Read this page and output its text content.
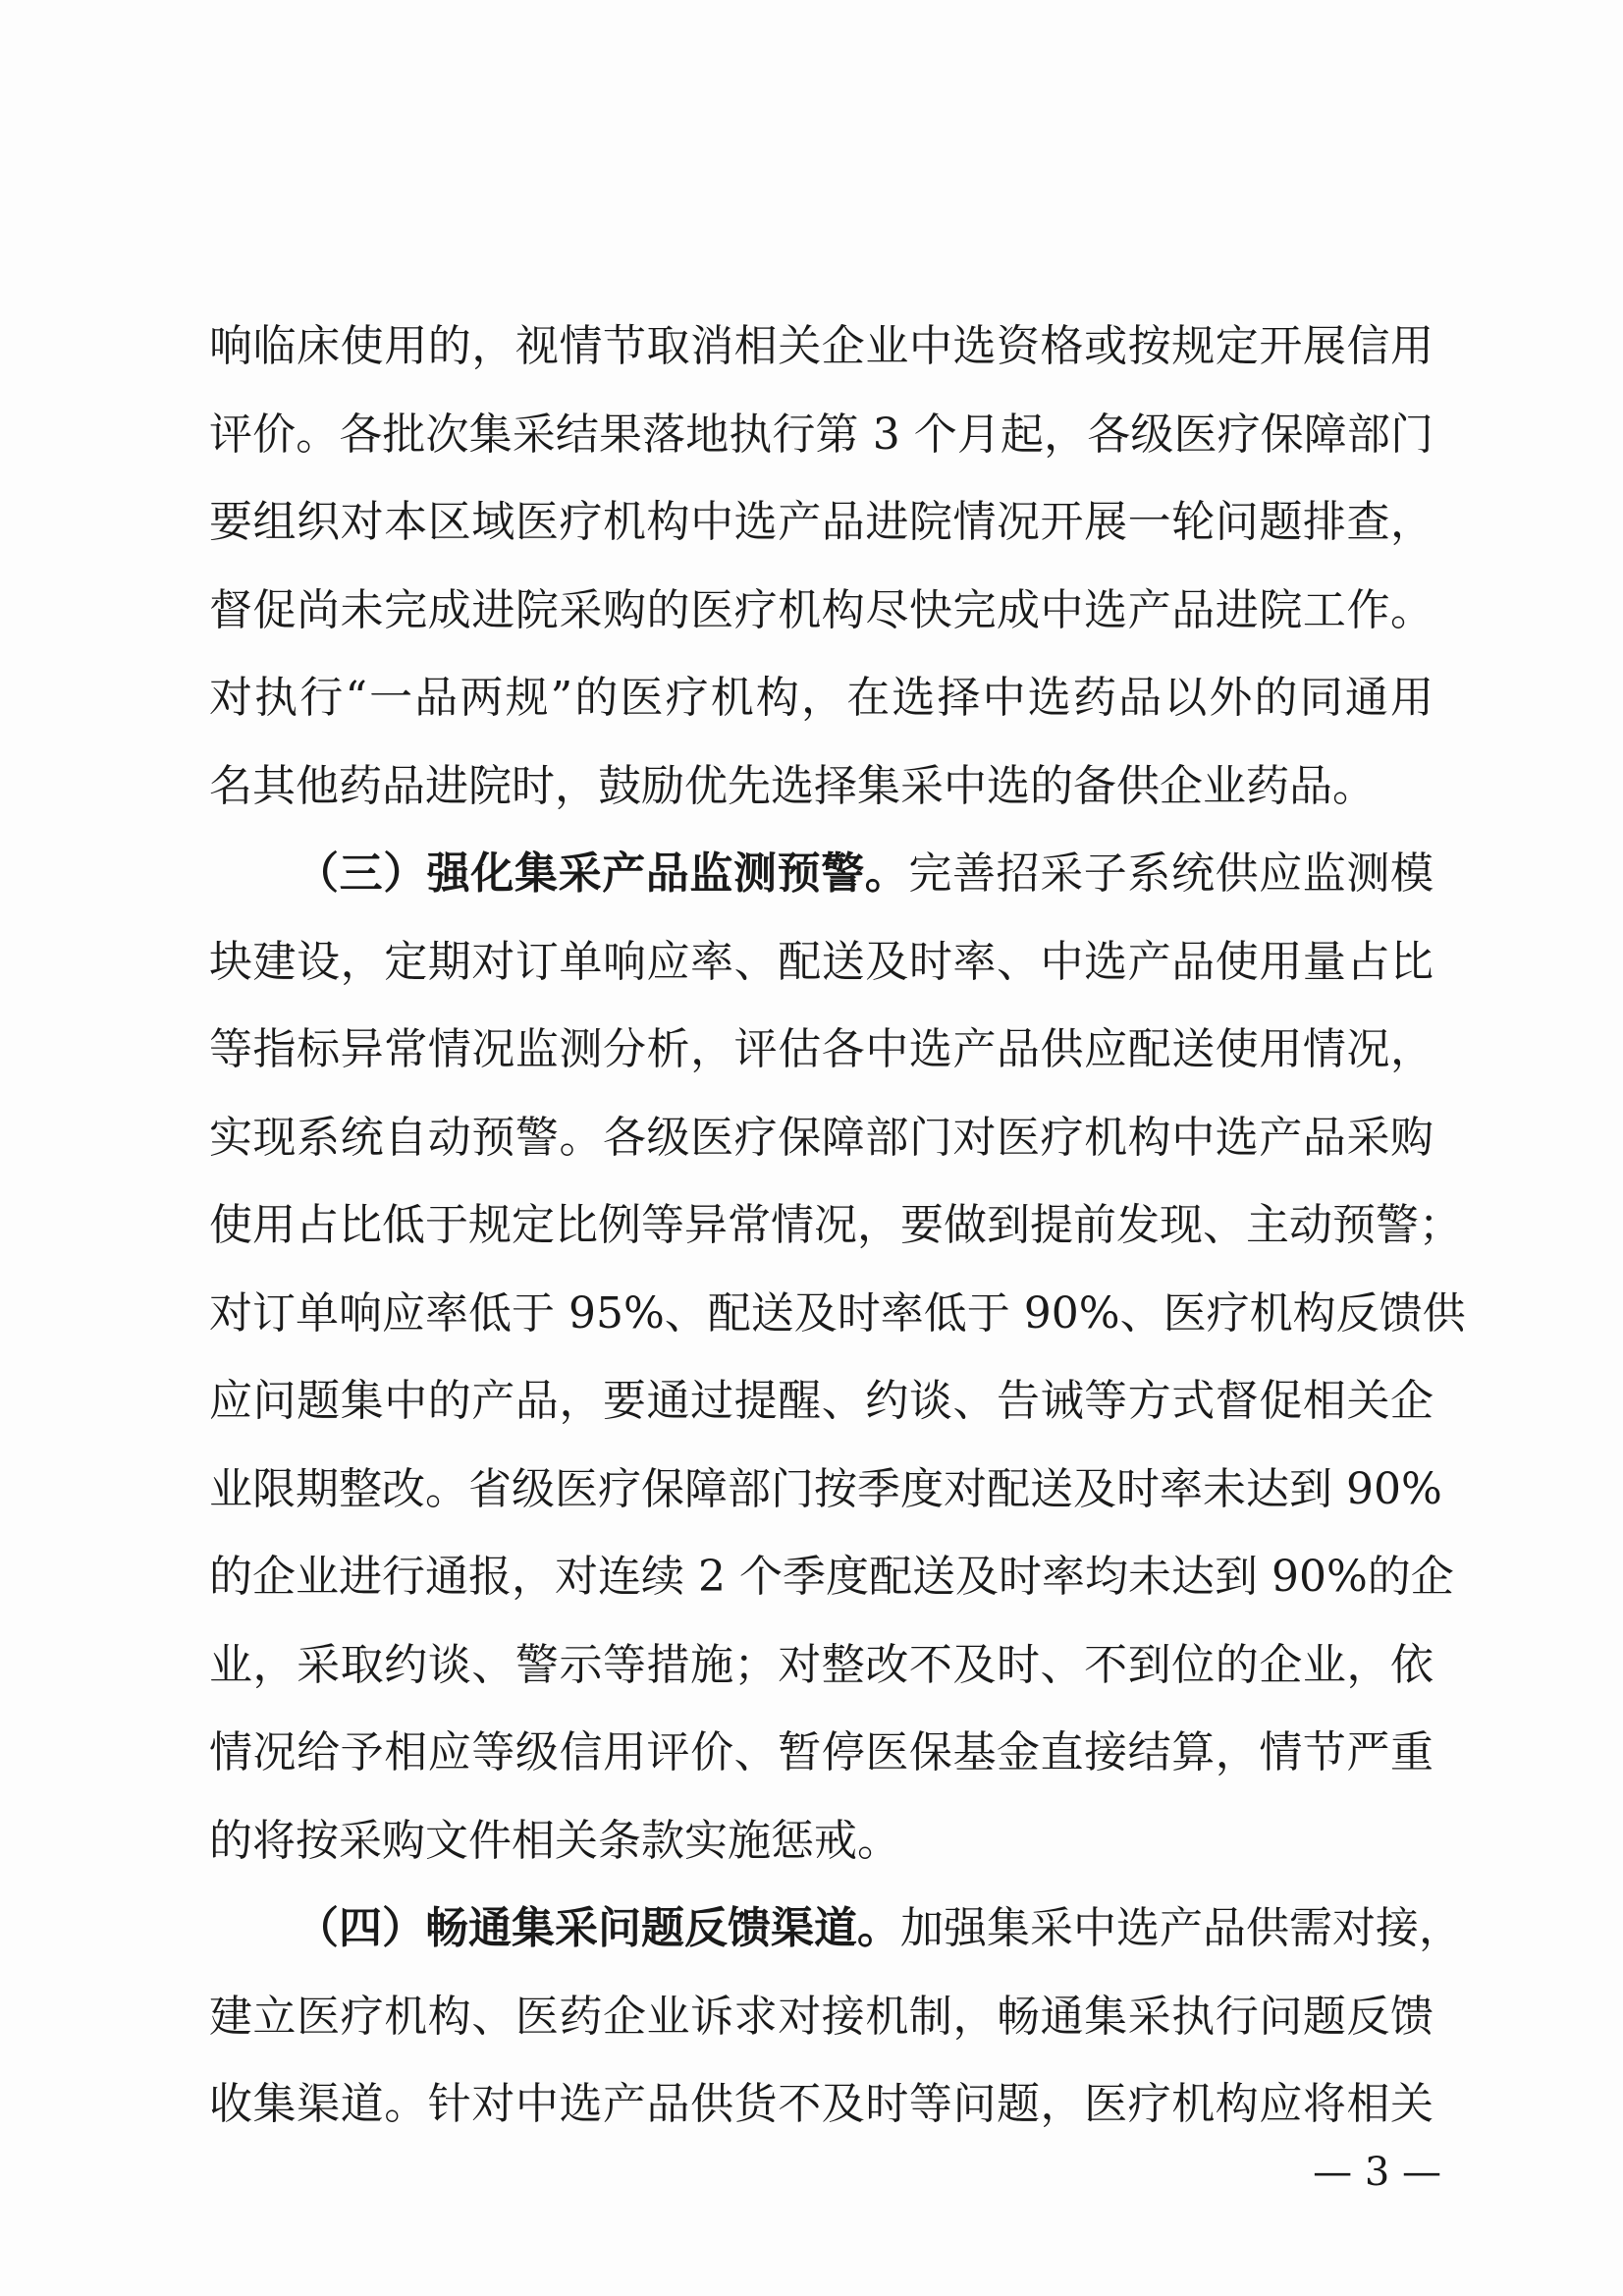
响临床使用的，视情节取消相关企业中选资格或按规定开展信用
评价。各批次集采结果落地执行第 3 个月起，各级医疗保障部门
要组织对本区域医疗机构中选产品进院情况开展一轮问题排查，
督促尚未完成进院采购的医疗机构尽快完成中选产品进院工作。
对执行“一品两规”的医疗机构，在选择中选药品以外的同通用
名其他药品进院时，鼓励优先选择集采中选的备供企业药品。
（三）强化集采产品监测预警。完善招采子系统供应监测模
块建设，定期对订单响应率、配送及时率、中选产品使用量占比
等指标异常情况监测分析，评估各中选产品供应配送使用情况，
实现系统自动预警。各级医疗保障部门对医疗机构中选产品采购
使用占比低于规定比例等异常情况，要做到提前发现、主动预警；
对订单响应率低于 95%、配送及时率低于 90%、医疗机构反馈供
应问题集中的产品，要通过提醒、约谈、告诫等方式督促相关企
业限期整改。省级医疗保障部门按季度对配送及时率未达到 90%
的企业进行通报，对连续 2 个季度配送及时率均未达到 90%的企
业，采取约谈、警示等措施；对整改不及时、不到位的企业，依
情况给予相应等级信用评价、暂停医保基金直接结算，情节严重
的将按采购文件相关条款实施惩戒。
（四）畅通集采问题反馈渠道。加强集采中选产品供需对接，
建立医疗机构、医药企业诉求对接机制，畅通集采执行问题反馈
收集渠道。针对中选产品供货不及时等问题，医疗机构应将相关
— 3 —
